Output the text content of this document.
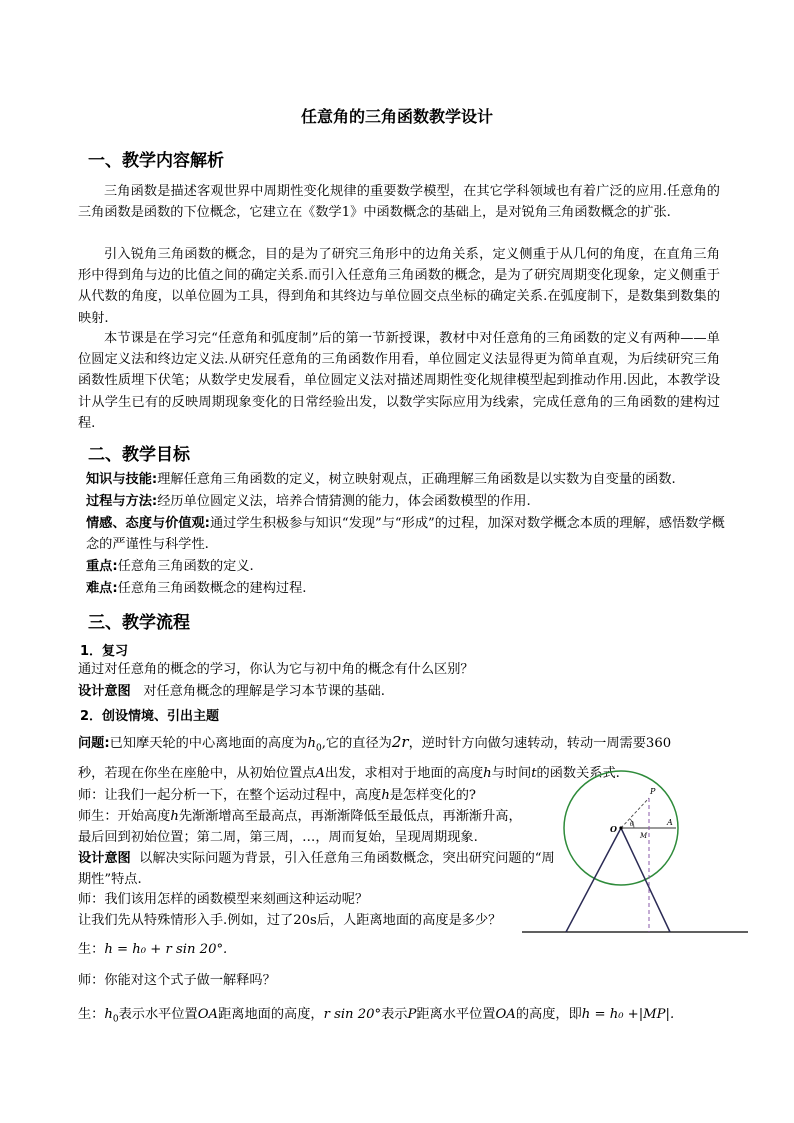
任意角的三角函数教学设计
一、教学内容解析

三角函数是描述客观世界中周期性变化规律的重要数学模型，在其它学科领域也有着广泛的应用.任意角的三角函数是函数的下位概念，它建立在《数学1》中函数概念的基础上，是对锐角三角函数概念的扩张.

引入锐角三角函数的概念，目的是为了研究三角形中的边角关系，定义侧重于从几何的角度，在直角三角形中得到角与边的比值之间的确定关系.而引入任意角三角函数的概念，是为了研究周期变化现象，定义侧重于从代数的角度，以单位圆为工具，得到角和其终边与单位圆交点坐标的确定关系.在弧度制下，是数集到数集的映射.

本节课是在学习完“任意角和弧度制”后的第一节新授课，教材中对任意角的三角函数的定义有两种——单位圆定义法和终边定义法.从研究任意角的三角函数作用看，单位圆定义法显得更为简单直观，为后续研究三角函数性质埋下伏笔；从数学史发展看，单位圆定义法对描述周期性变化规律模型起到推动作用.因此，本教学设计从学生已有的反映周期现象变化的日常经验出发，以数学实际应用为线索，完成任意角的三角函数的建构过程.

二、教学目标
知识与技能:理解任意角三角函数的定义，树立映射观点，正确理解三角函数是以实数为自变量的函数.
过程与方法:经历单位圆定义法，培养合情猜测的能力，体会函数模型的作用.
情感、态度与价值观:通过学生积极参与知识“发现”与“形成”的过程，加深对数学概念本质的理解，感悟数学概念的严谨性与科学性.
重点:任意角三角函数的定义.
难点:任意角三角函数概念的建构过程.
三、教学流程
1．复习
通过对任意角的概念的学习，你认为它与初中角的概念有什么区别？
设计意图 对任意角概念的理解是学习本节课的基础.
2．创设情境、引出主题
问题:已知摩天轮的中心离地面的高度为$h_0$,它的直径为2r，逆时针方向做匀速转动，转动一周需要360
秒，若现在你坐在座舱中，从初始位置点A出发，求相对于地面的高度h与时间t的函数关系式.
师：让我们一起分析一下，在整个运动过程中，高度h是怎样变化的?
师生：开始高度h先渐渐增高至最高点，再渐渐降低至最低点，再渐渐升高，
最后回到初始位置；第二周，第三周，…，周而复始，呈现周期现象.
设计意图 以解决实际问题为背景，引入任意角三角函数概念，突出研究问题的“周期性”特点.
师：我们该用怎样的函数模型来刻画这种运动呢？
让我们先从特殊情形入手.例如，过了20s后，人距离地面的高度是多少？
生：h = h₀ + r sin 20°.
师：你能对这个式子做一解释吗？
生：$h_0$表示水平位置OA距离地面的高度，r sin 20°表示P距离水平位置OA的高度，即h = h₀ +|MP|.
P
O
A
M
θ
